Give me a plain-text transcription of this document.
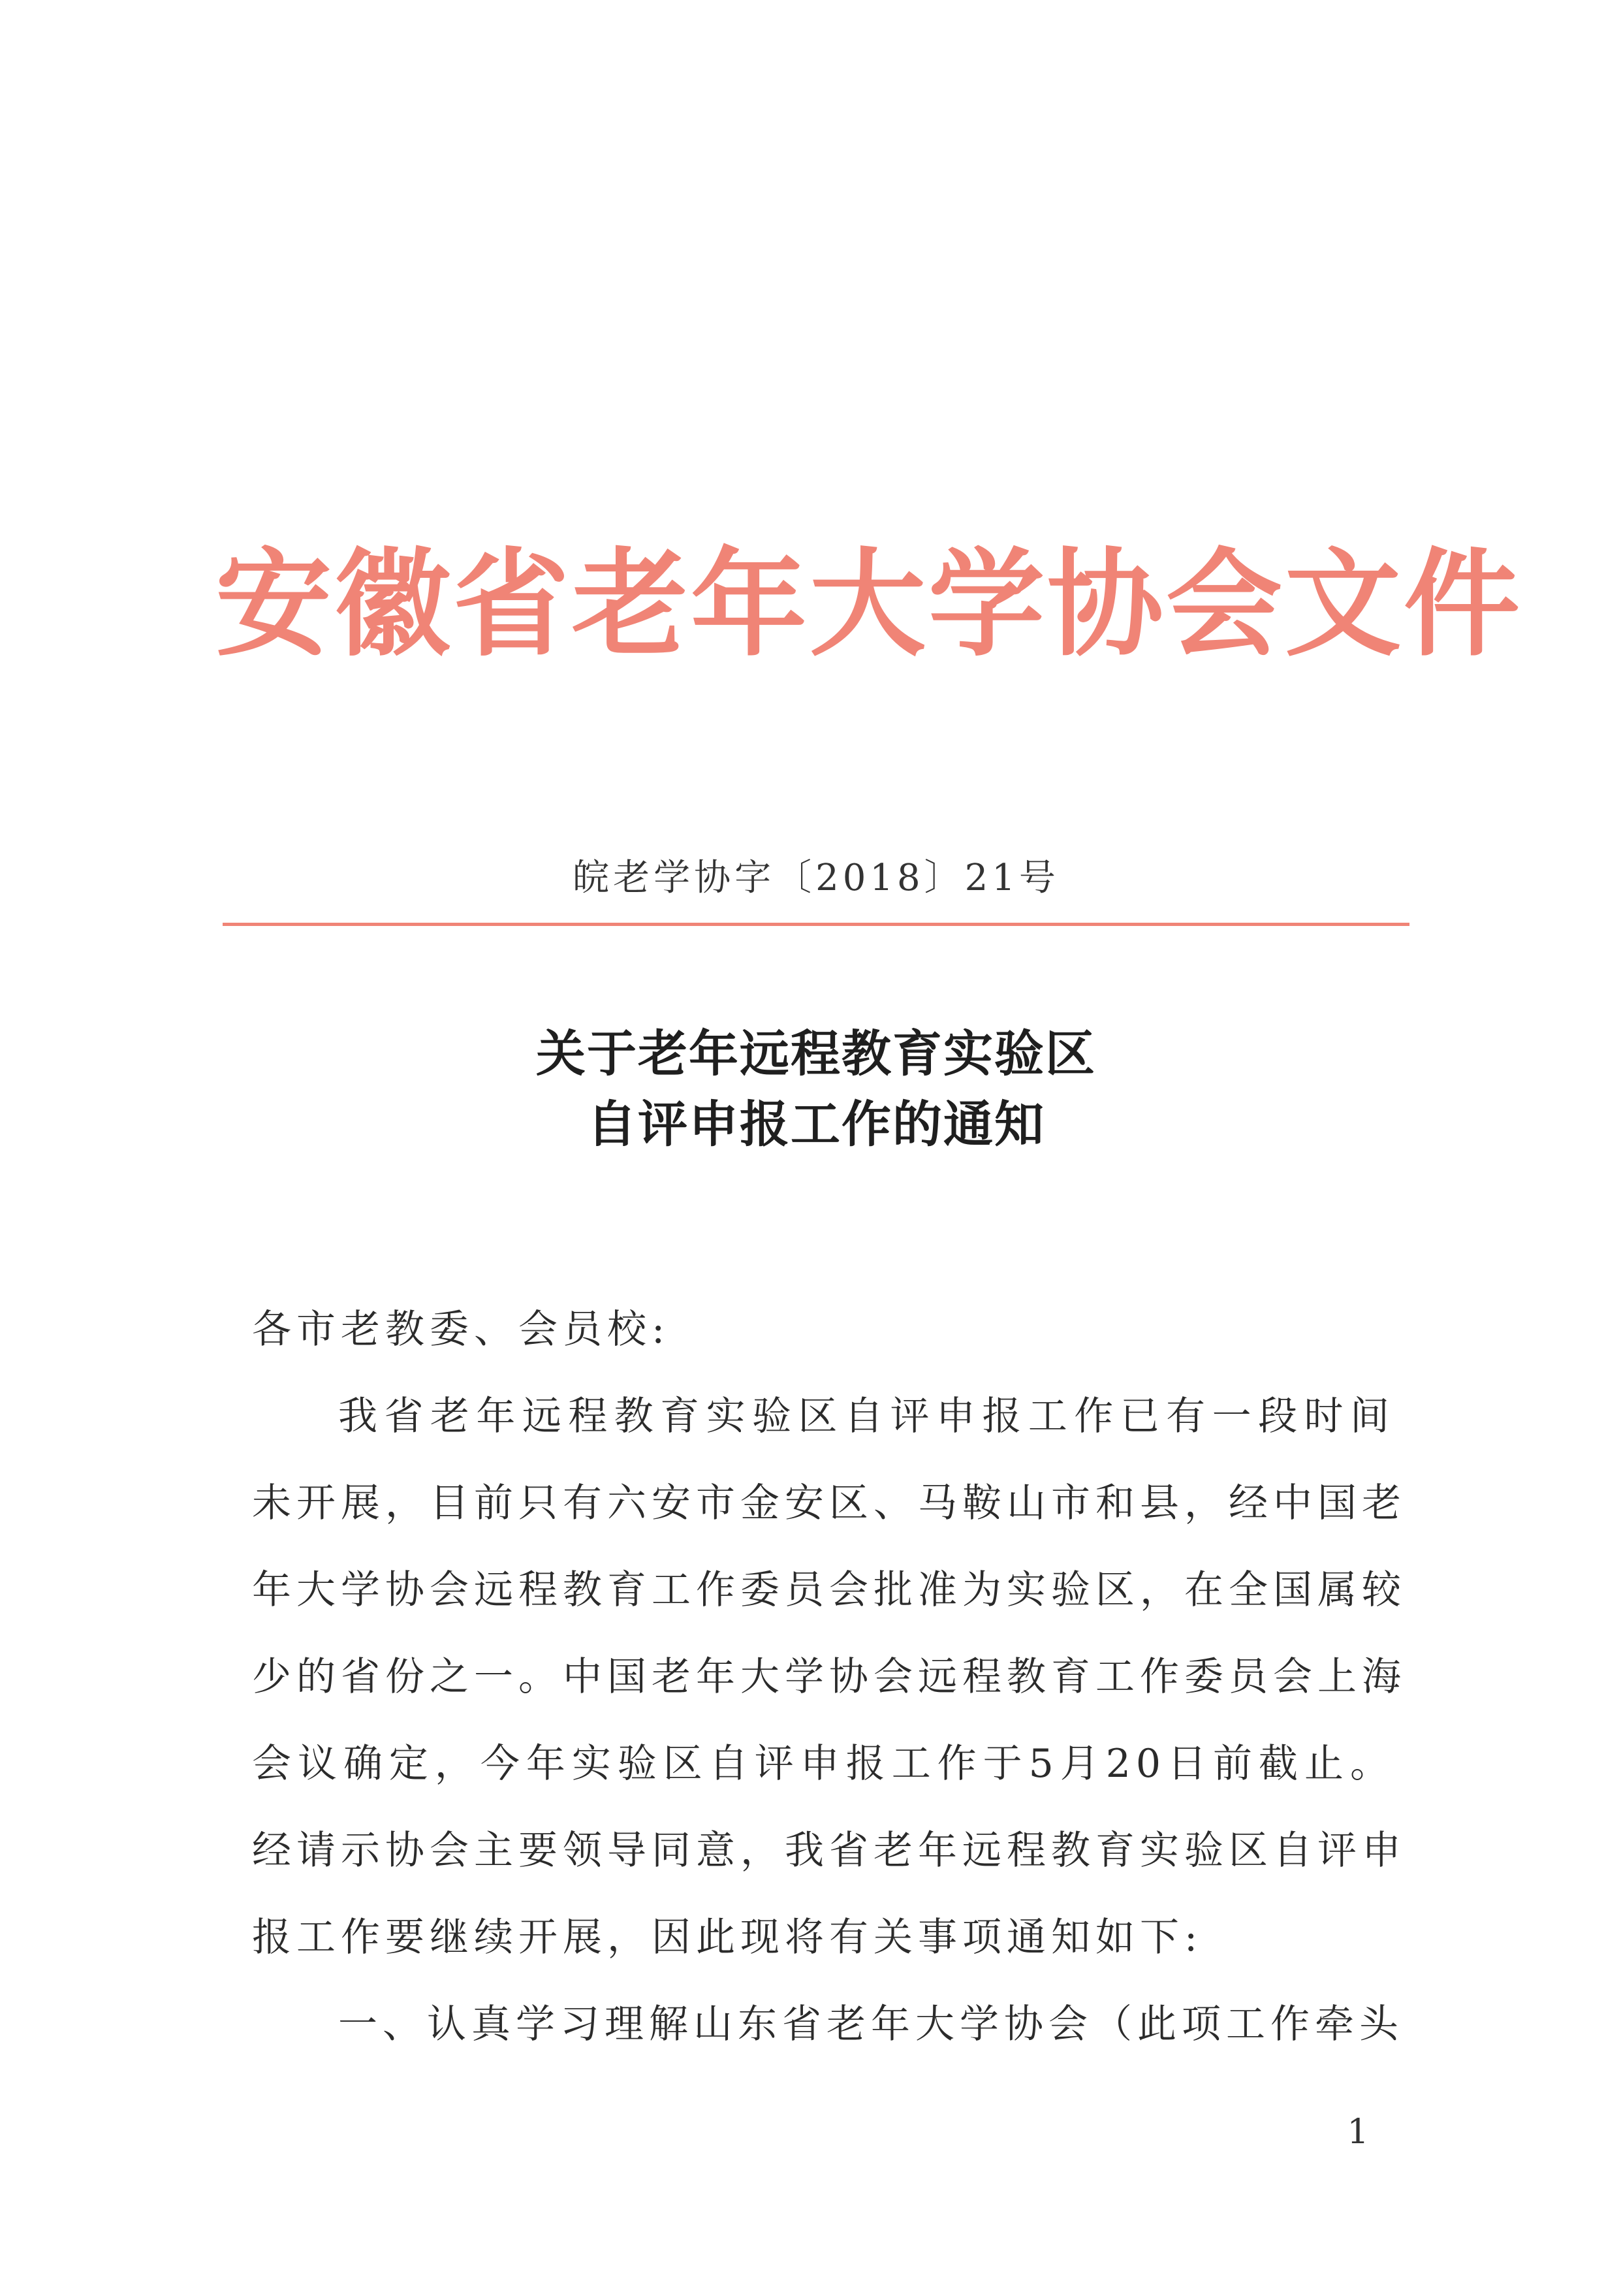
安徽省老年大学协会文件
皖老学协字〔2018〕21号
关于老年远程教育实验区
自评申报工作的通知
各市老教委、会员校:
我省老年远程教育实验区自评申报工作已有一段时间
未开展，目前只有六安市金安区、马鞍山市和县，经中国老
年大学协会远程教育工作委员会批准为实验区，在全国属较
少的省份之一。中国老年大学协会远程教育工作委员会上海
会议确定，今年实验区自评申报工作于5月20日前截止。
经请示协会主要领导同意，我省老年远程教育实验区自评申
报工作要继续开展，因此现将有关事项通知如下:
一、认真学习理解山东省老年大学协会（此项工作牵头
1
